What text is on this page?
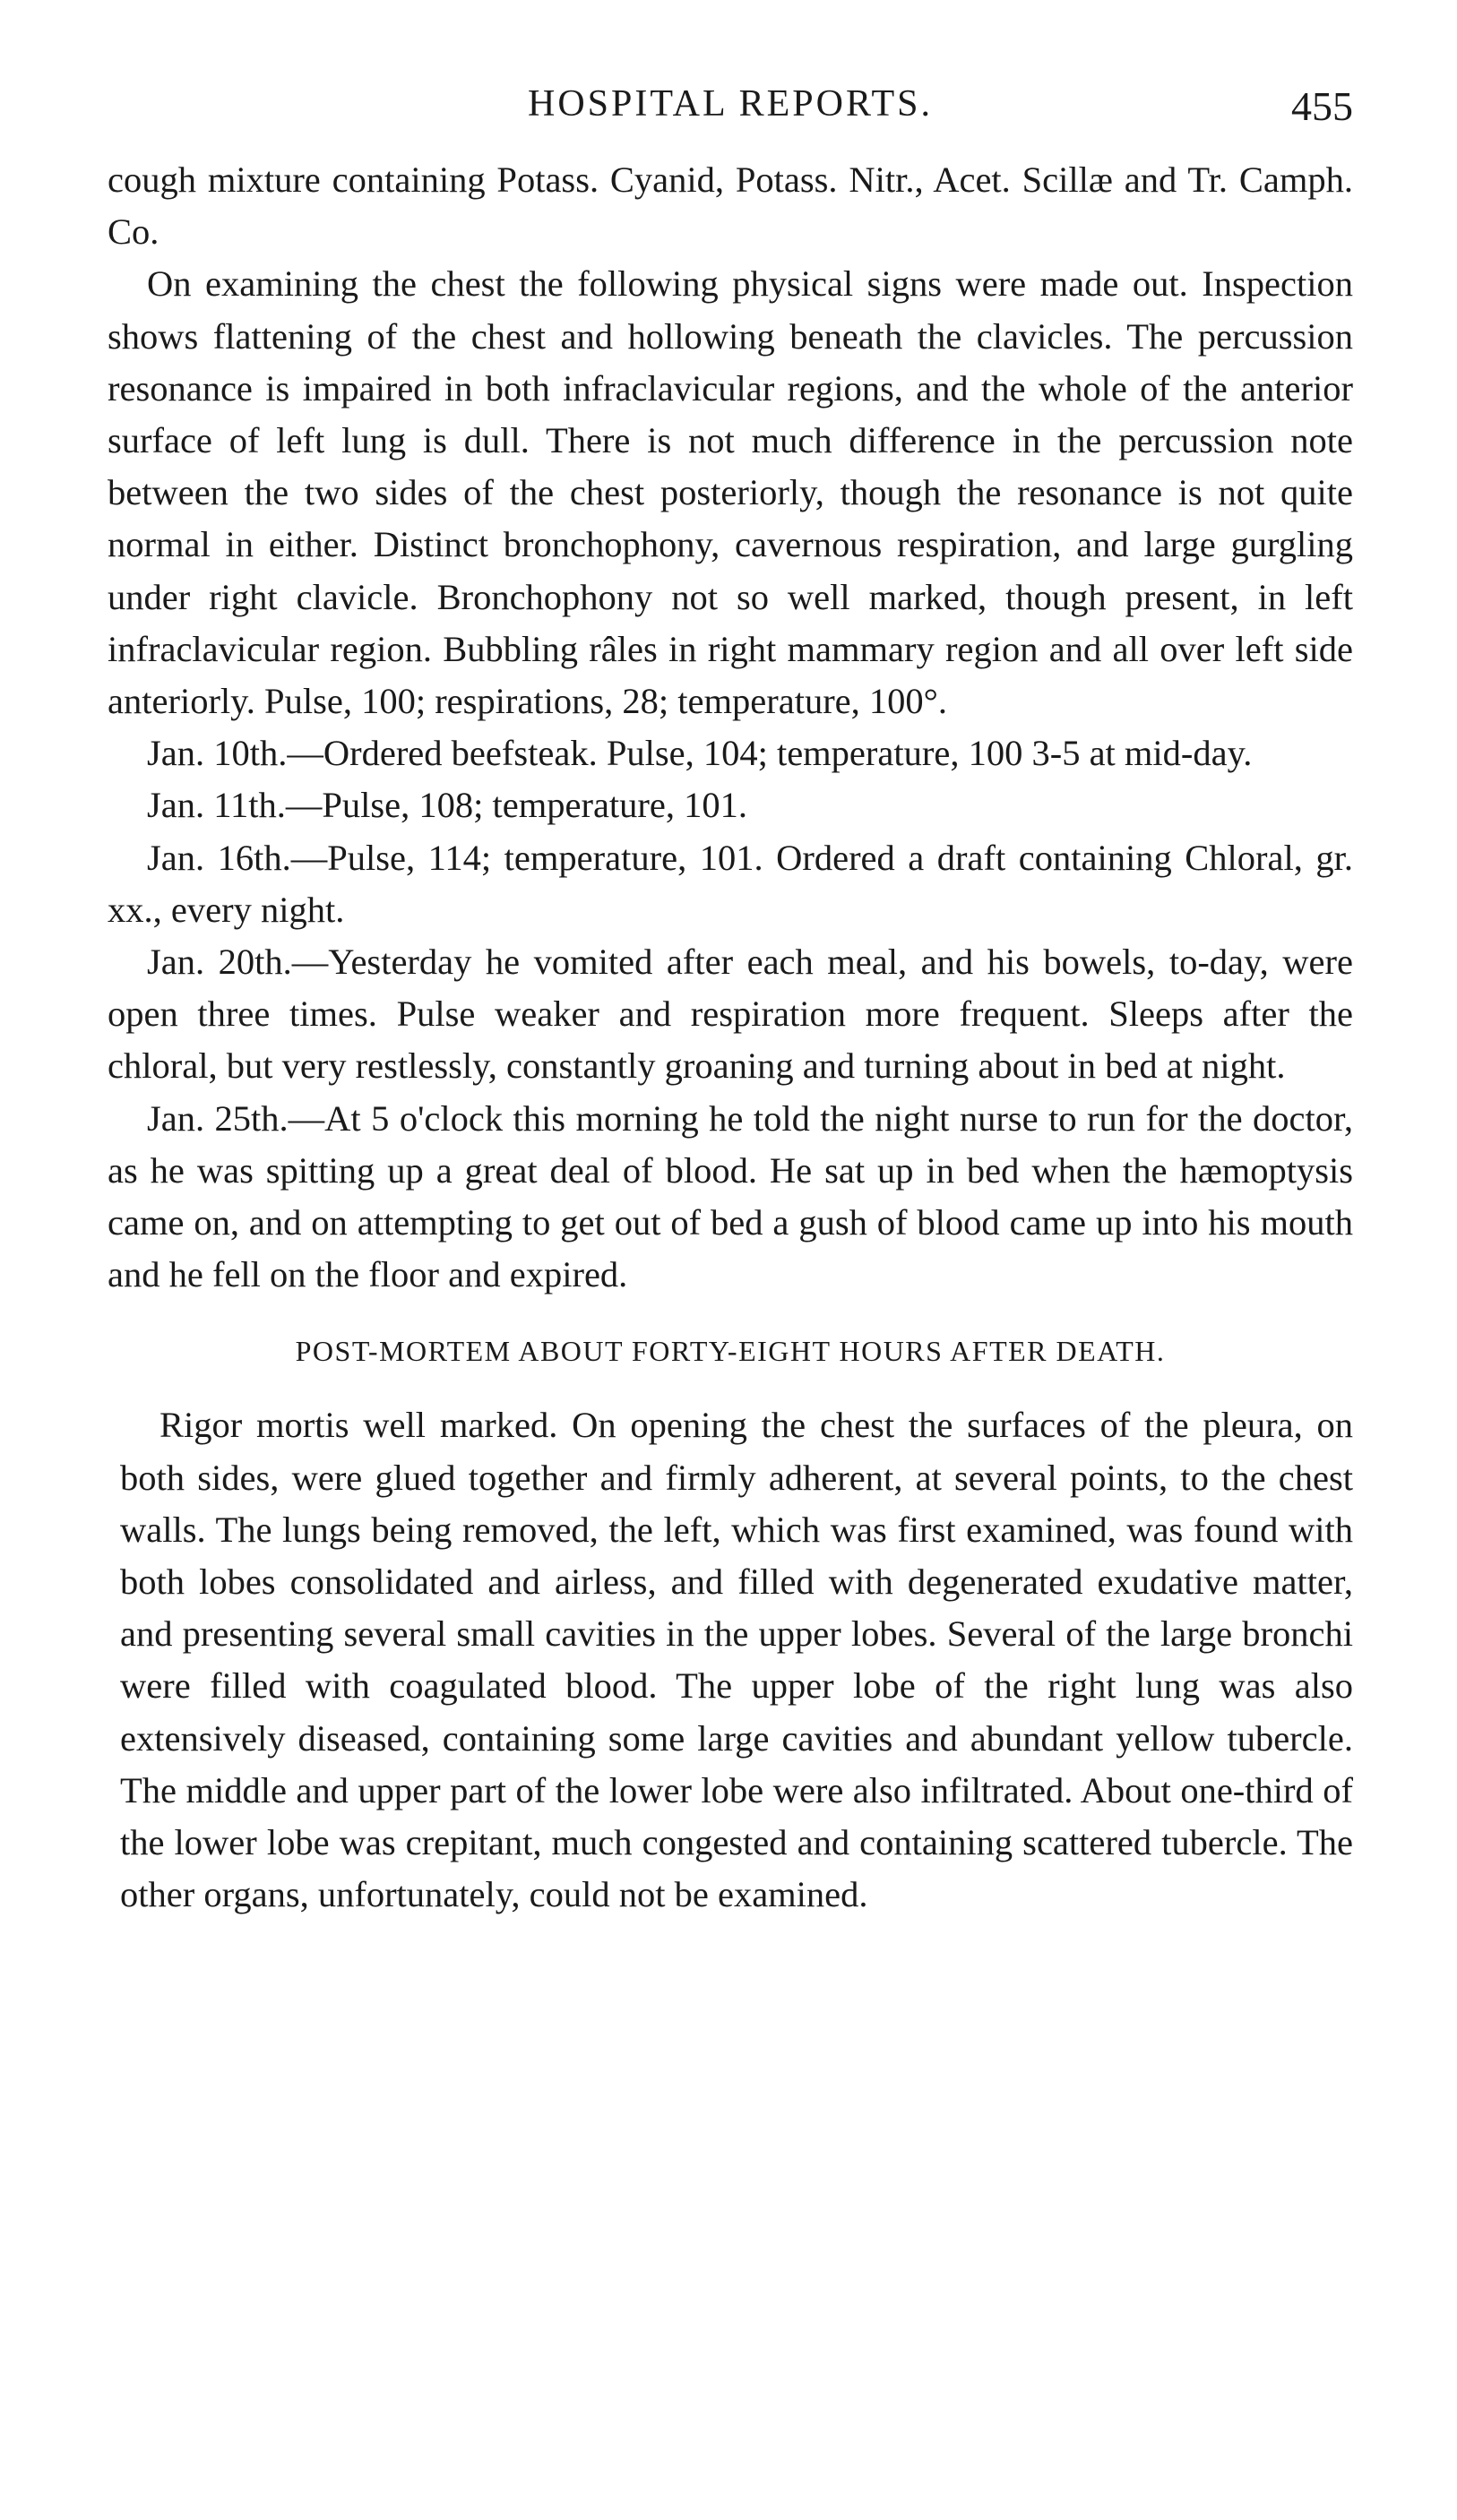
HOSPITAL REPORTS.	455

cough mixture containing Potass. Cyanid, Potass. Nitr., Acet. Scillæ and Tr. Camph. Co.

On examining the chest the following physical signs were made out. Inspection shows flattening of the chest and hollowing beneath the clavicles. The percussion resonance is impaired in both infraclavicular regions, and the whole of the anterior surface of left lung is dull. There is not much difference in the percussion note between the two sides of the chest posteriorly, though the resonance is not quite normal in either. Distinct bronchophony, cavernous respiration, and large gurgling under right clavicle. Bronchophony not so well marked, though present, in left infraclavicular region. Bubbling râles in right mammary region and all over left side anteriorly. Pulse, 100; respirations, 28; temperature, 100°.

Jan. 10th.—Ordered beefsteak. Pulse, 104; temperature, 100 3-5 at mid-day.

Jan. 11th.—Pulse, 108; temperature, 101.

Jan. 16th.—Pulse, 114; temperature, 101. Ordered a draft containing Chloral, gr. xx., every night.

Jan. 20th.—Yesterday he vomited after each meal, and his bowels, to-day, were open three times. Pulse weaker and respiration more frequent. Sleeps after the chloral, but very restlessly, constantly groaning and turning about in bed at night.

Jan. 25th.—At 5 o'clock this morning he told the night nurse to run for the doctor, as he was spitting up a great deal of blood. He sat up in bed when the hæmoptysis came on, and on attempting to get out of bed a gush of blood came up into his mouth and he fell on the floor and expired.

POST-MORTEM ABOUT FORTY-EIGHT HOURS AFTER DEATH.

Rigor mortis well marked. On opening the chest the surfaces of the pleura, on both sides, were glued together and firmly adherent, at several points, to the chest walls. The lungs being removed, the left, which was first examined, was found with both lobes consolidated and airless, and filled with degenerated exudative matter, and presenting several small cavities in the upper lobes. Several of the large bronchi were filled with coagulated blood. The upper lobe of the right lung was also extensively diseased, containing some large cavities and abundant yellow tubercle. The middle and upper part of the lower lobe were also infiltrated. About one-third of the lower lobe was crepitant, much congested and containing scattered tubercle. The other organs, unfortunately, could not be examined.
